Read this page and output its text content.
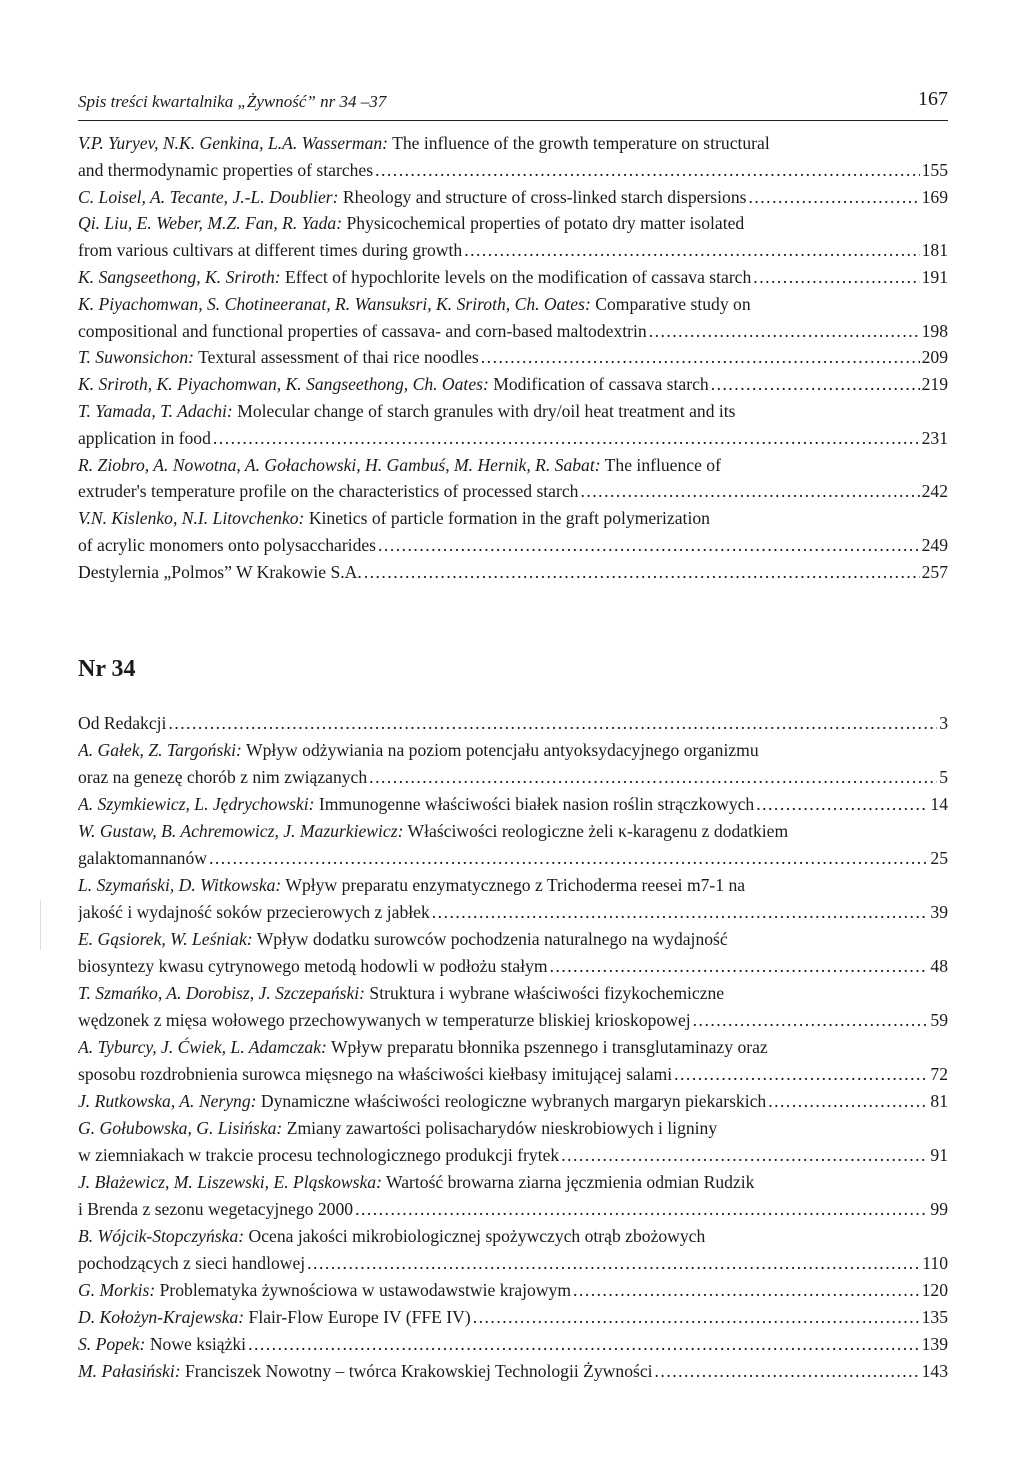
Spis treści kwartalnika „Żywność” nr 34 –37	167
V.P. Yuryev, N.K. Genkina, L.A. Wasserman: The influence of the growth temperature on structural
and thermodynamic properties of starches .....	155
C. Loisel, A. Tecante, J.-L. Doublier: Rheology and structure of cross-linked starch dispersions .....	169
Qi. Liu, E. Weber, M.Z. Fan, R. Yada: Physicochemical properties of potato dry matter isolated
from various cultivars at different times during growth .....	181
K. Sangseethong, K. Sriroth: Effect of hypochlorite levels on the modification of cassava starch .....	191
K. Piyachomwan, S. Chotineeranat, R. Wansuksri, K. Sriroth, Ch. Oates: Comparative study on
compositional and functional properties of cassava- and corn-based maltodextrin .....	198
T. Suwonsichon: Textural assessment of thai rice noodles .....	209
K. Sriroth, K. Piyachomwan, K. Sangseethong, Ch. Oates: Modification of cassava starch .....	219
T. Yamada, T. Adachi: Molecular change of starch granules with dry/oil heat treatment and its
application in food .....	231
R. Ziobro, A. Nowotna, A. Gołachowski, H. Gambuś, M. Hernik, R. Sabat: The influence of
extruder's temperature profile on the characteristics of processed starch .....	242
V.N. Kislenko, N.I. Litovchenko: Kinetics of particle formation in the graft polymerization
of acrylic monomers onto polysaccharides .....	249
Destylernia „Polmos” W Krakowie S.A. .....	257
Nr 34
Od Redakcji .....	3
A. Gałek, Z. Targoński: Wpływ odżywiania na poziom potencjału antyoksydacyjnego organizmu
oraz na genezę chorób z nim związanych .....	5
A. Szymkiewicz, L. Jędrychowski: Immunogenne właściwości białek nasion roślin strączkowych .....	14
W. Gustaw, B. Achremowicz, J. Mazurkiewicz: Właściwości reologiczne żeli κ-karagenu z dodatkiem
galaktomannanów .....	25
L. Szymański, D. Witkowska: Wpływ preparatu enzymatycznego z Trichoderma reesei m7-1 na
jakość i wydajność soków przecierowych z jabłek .....	39
E. Gąsiorek, W. Leśniak: Wpływ dodatku surowców pochodzenia naturalnego na wydajność
biosyntezy kwasu cytrynowego metodą hodowli w podłożu stałym .....	48
T. Szmańko, A. Dorobisz, J. Szczepański: Struktura i wybrane właściwości fizykochemiczne
wędzonek z mięsa wołowego przechowywanych w temperaturze bliskiej krioskopowej .....	59
A. Tyburcy, J. Ćwiek, L. Adamczak: Wpływ preparatu błonnika pszennego i transglutaminazy oraz
sposobu rozdrobnienia surowca mięsnego na właściwości kiełbasy imitującej salami .....	72
J. Rutkowska, A. Neryng: Dynamiczne właściwości reologiczne wybranych margaryn piekarskich .....	81
G. Gołubowska, G. Lisińska: Zmiany zawartości polisacharydów nieskrobiowych i ligniny
w ziemniakach w trakcie procesu technologicznego produkcji frytek .....	91
J. Błażewicz, M. Liszewski, E. Pląskowska: Wartość browarna ziarna jęczmienia odmian Rudzik
i Brenda z sezonu wegetacyjnego 2000 .....	99
B. Wójcik-Stopczyńska: Ocena jakości mikrobiologicznej spożywczych otrąb zbożowych
pochodzących z sieci handlowej .....	110
G. Morkis: Problematyka żywnościowa w ustawodawstwie krajowym .....	120
D. Kołożyn-Krajewska: Flair-Flow Europe IV (FFE IV) .....	135
S. Popek: Nowe książki .....	139
M. Pałasiński: Franciszek Nowotny – twórca Krakowskiej Technologii Żywności .....	143
